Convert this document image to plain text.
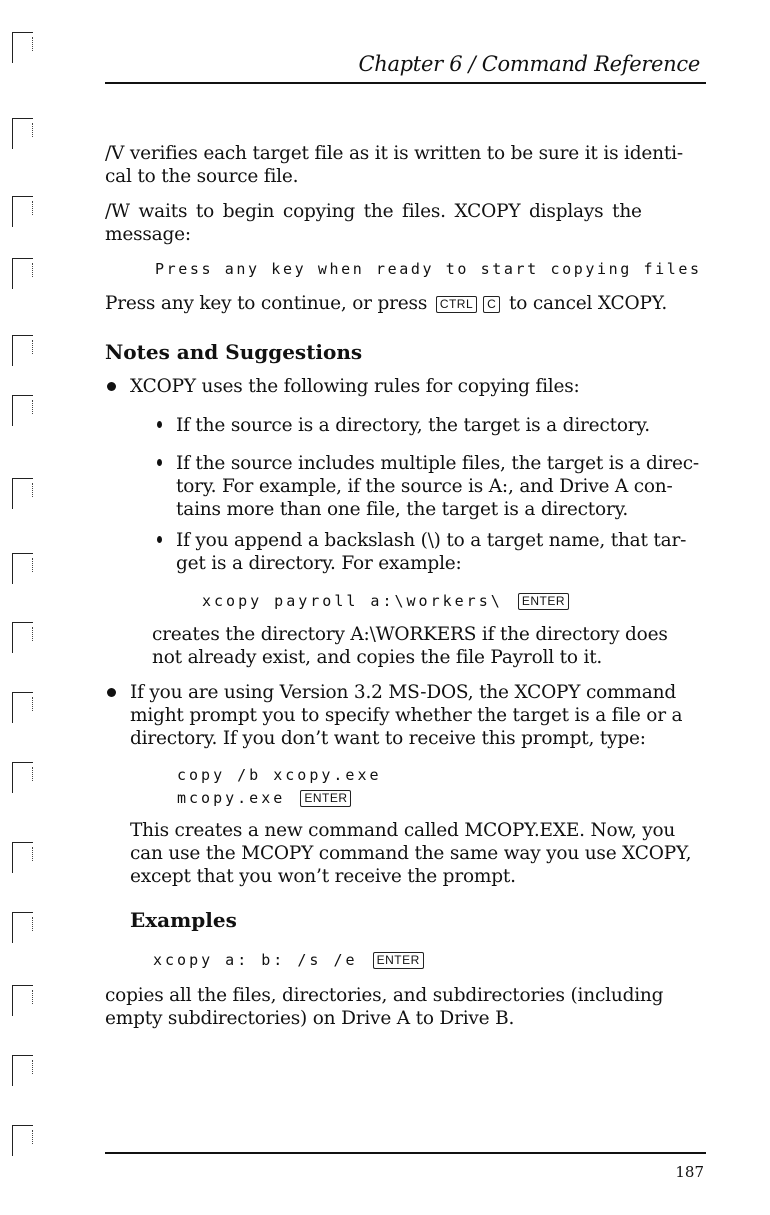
Chapter 6 / Command Reference
/V verifies each target file as it is written to be sure it is identi-
cal to the source file.
/W waits to begin copying the files. XCOPY displays the
message:
Press any key when ready to start copying files
Press any key to continue, or press CTRL C to cancel XCOPY.
Notes and Suggestions
XCOPY uses the following rules for copying files:
If the source is a directory, the target is a directory.
If the source includes multiple files, the target is a direc-
tory. For example, if the source is A:, and Drive A con-
tains more than one file, the target is a directory.
If you append a backslash (\) to a target name, that tar-
get is a directory. For example:
xcopy payroll a:\workers\ ENTER
creates the directory A:\WORKERS if the directory does
not already exist, and copies the file Payroll to it.
If you are using Version 3.2 MS-DOS, the XCOPY command
might prompt you to specify whether the target is a file or a
directory. If you don’t want to receive this prompt, type:
copy /b xcopy.exe
mcopy.exe ENTER
This creates a new command called MCOPY.EXE. Now, you
can use the MCOPY command the same way you use XCOPY,
except that you won’t receive the prompt.
Examples
xcopy a: b: /s /e ENTER
copies all the files, directories, and subdirectories (including
empty subdirectories) on Drive A to Drive B.
187
